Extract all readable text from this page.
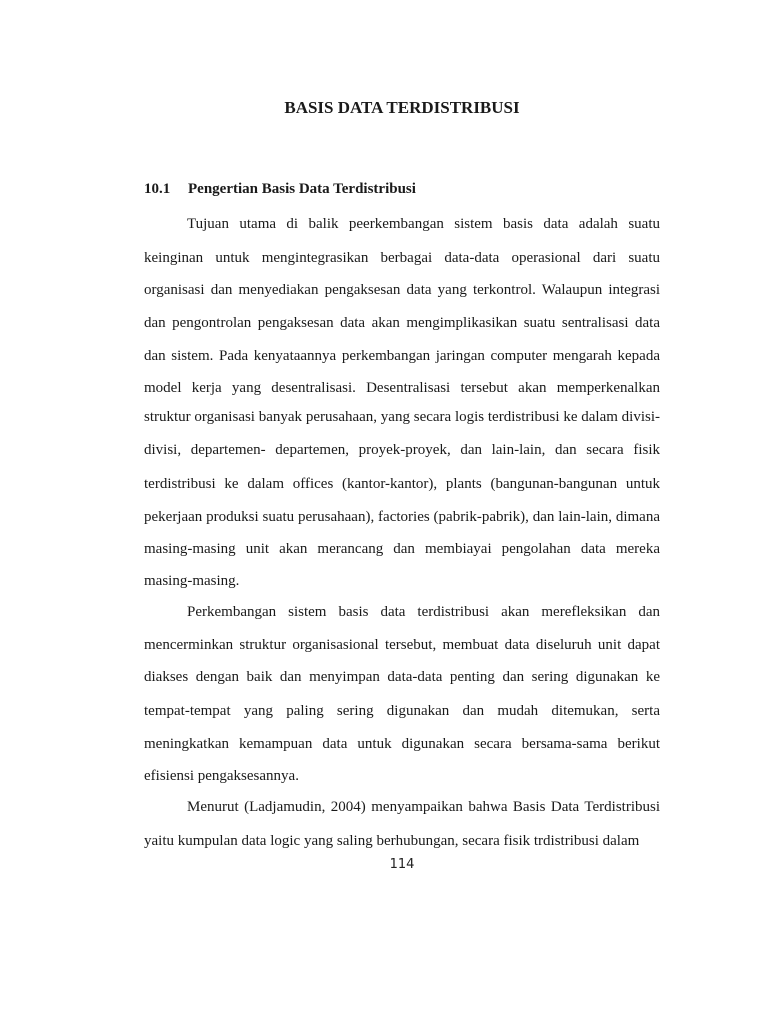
BASIS DATA TERDISTRIBUSI
10.1 Pengertian Basis Data Terdistribusi
Tujuan utama di balik peerkembangan sistem basis data adalah suatu
keinginan untuk mengintegrasikan berbagai data-data operasional dari suatu
organisasi dan menyediakan pengaksesan data yang terkontrol. Walaupun integrasi
dan pengontrolan pengaksesan data akan mengimplikasikan suatu sentralisasi data
dan sistem. Pada kenyataannya perkembangan jaringan computer mengarah kepada
model kerja yang desentralisasi. Desentralisasi tersebut akan memperkenalkan
struktur organisasi banyak perusahaan, yang secara logis terdistribusi ke dalam divisi-
divisi, departemen- departemen, proyek-proyek, dan lain-lain, dan secara fisik
terdistribusi ke dalam offices (kantor-kantor), plants (bangunan-bangunan untuk
pekerjaan produksi suatu perusahaan), factories (pabrik-pabrik), dan lain-lain, dimana
masing-masing unit akan merancang dan membiayai pengolahan data mereka
masing-masing.
Perkembangan sistem basis data terdistribusi akan merefleksikan dan
mencerminkan struktur organisasional tersebut, membuat data diseluruh unit dapat
diakses dengan baik dan menyimpan data-data penting dan sering digunakan ke
tempat-tempat yang paling sering digunakan dan mudah ditemukan, serta
meningkatkan kemampuan data untuk digunakan secara bersama-sama berikut
efisiensi pengaksesannya.
Menurut (Ladjamudin, 2004) menyampaikan bahwa Basis Data Terdistribusi
yaitu kumpulan data logic yang saling berhubungan, secara fisik trdistribusi dalam
114
